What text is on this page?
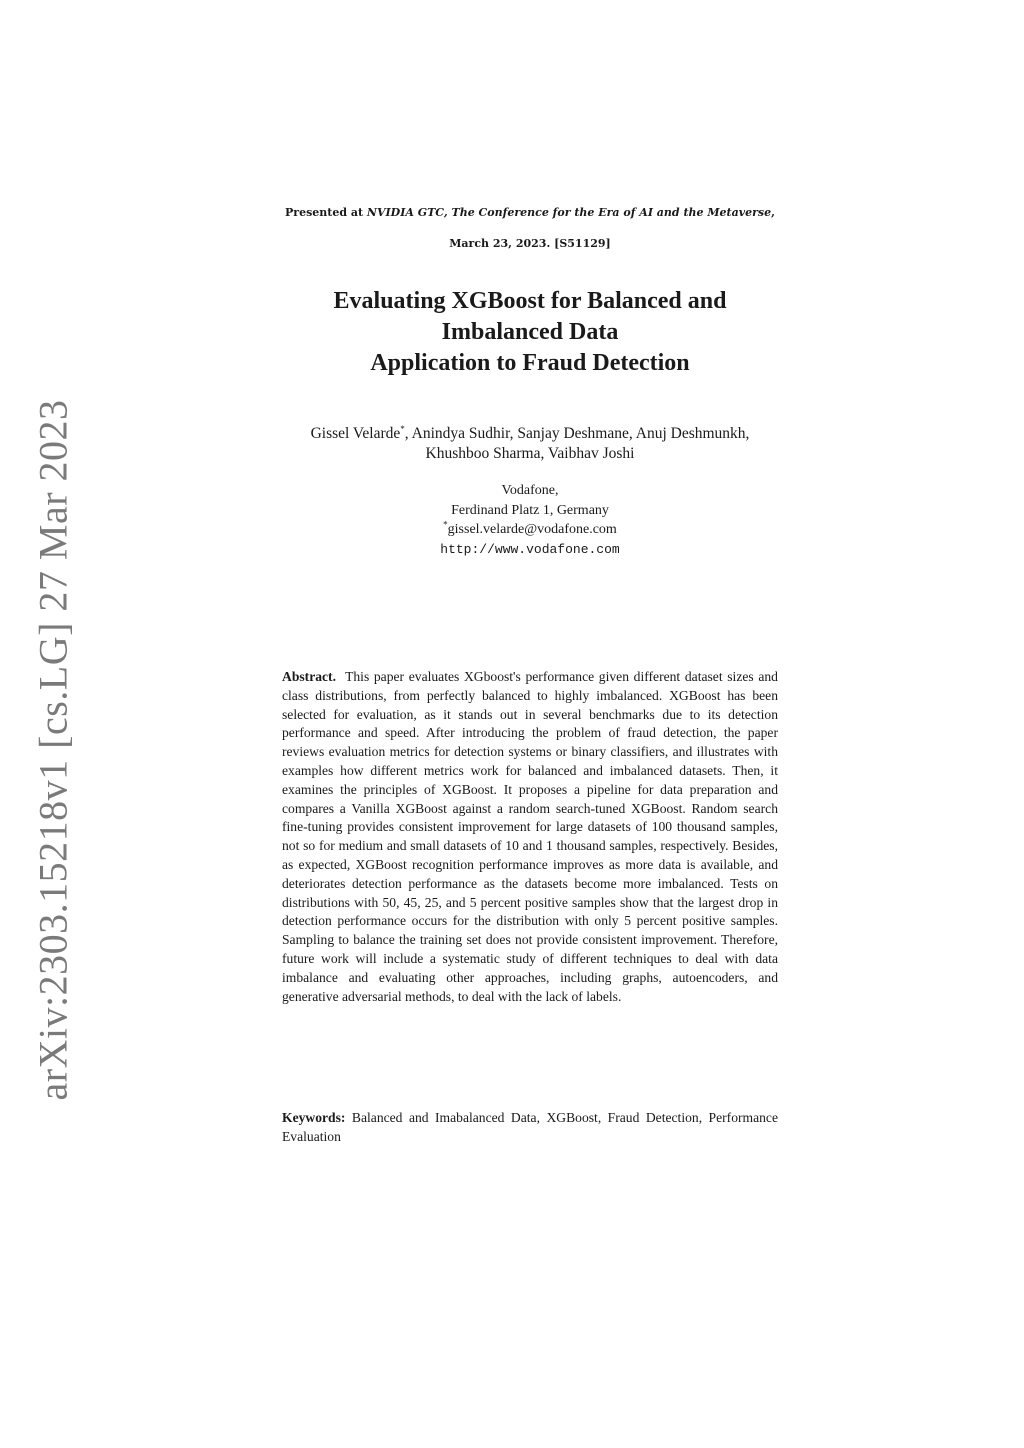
arXiv:2303.15218v1 [cs.LG] 27 Mar 2023
Presented at NVIDIA GTC, The Conference for the Era of AI and the Metaverse,
March 23, 2023. [S51129]
Evaluating XGBoost for Balanced and
Imbalanced Data
Application to Fraud Detection
Gissel Velarde*, Anindya Sudhir, Sanjay Deshmane, Anuj Deshmunkh,
Khushboo Sharma, Vaibhav Joshi
Vodafone,
Ferdinand Platz 1, Germany
*gissel.velarde@vodafone.com
http://www.vodafone.com
Abstract. This paper evaluates XGboost's performance given different dataset sizes and class distributions, from perfectly balanced to highly imbalanced. XGBoost has been selected for evaluation, as it stands out in several benchmarks due to its detection performance and speed. After introducing the problem of fraud detection, the paper reviews evaluation metrics for detection systems or binary classifiers, and illustrates with examples how different metrics work for balanced and imbalanced datasets. Then, it examines the principles of XGBoost. It proposes a pipeline for data preparation and compares a Vanilla XGBoost against a random search-tuned XGBoost. Random search fine-tuning provides consistent improvement for large datasets of 100 thousand samples, not so for medium and small datasets of 10 and 1 thousand samples, respectively. Besides, as expected, XGBoost recognition performance improves as more data is available, and deteriorates detection performance as the datasets become more imbalanced. Tests on distributions with 50, 45, 25, and 5 percent positive samples show that the largest drop in detection performance occurs for the distribution with only 5 percent positive samples. Sampling to balance the training set does not provide consistent improvement. Therefore, future work will include a systematic study of different techniques to deal with data imbalance and evaluating other approaches, including graphs, autoencoders, and generative adversarial methods, to deal with the lack of labels.
Keywords: Balanced and Imabalanced Data, XGBoost, Fraud Detection, Performance Evaluation
